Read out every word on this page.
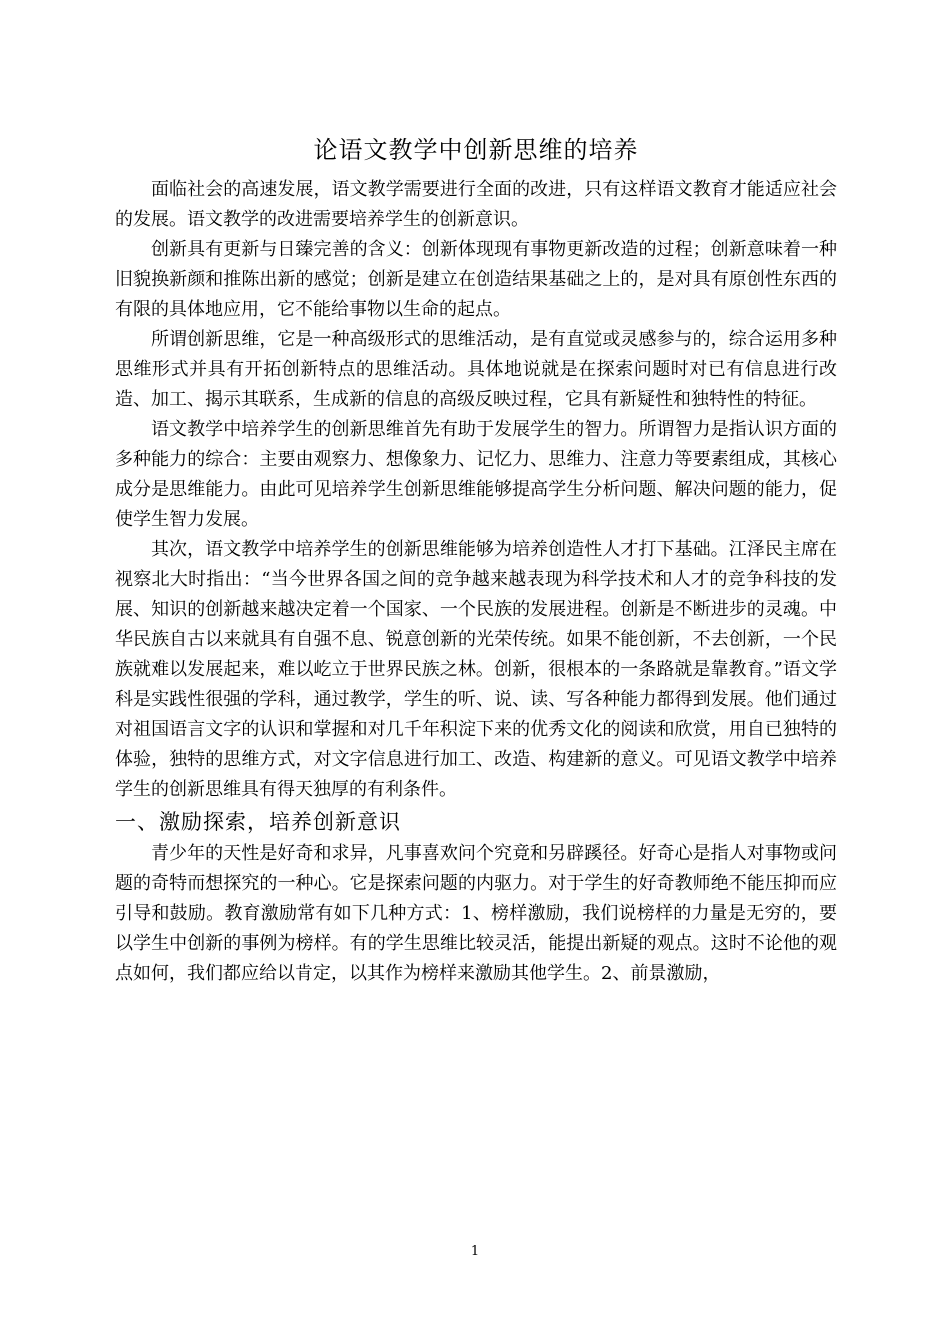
论语文教学中创新思维的培养

面临社会的高速发展，语文教学需要进行全面的改进，只有这样语文教育才能适应社会的发展。语文教学的改进需要培养学生的创新意识。

创新具有更新与日臻完善的含义：创新体现现有事物更新改造的过程；创新意味着一种旧貌换新颜和推陈出新的感觉；创新是建立在创造结果基础之上的，是对具有原创性东西的有限的具体地应用，它不能给事物以生命的起点。

所谓创新思维，它是一种高级形式的思维活动，是有直觉或灵感参与的，综合运用多种思维形式并具有开拓创新特点的思维活动。具体地说就是在探索问题时对已有信息进行改造、加工、揭示其联系，生成新的信息的高级反映过程，它具有新疑性和独特性的特征。

语文教学中培养学生的创新思维首先有助于发展学生的智力。所谓智力是指认识方面的多种能力的综合：主要由观察力、想像象力、记忆力、思维力、注意力等要素组成，其核心成分是思维能力。由此可见培养学生创新思维能够提高学生分析问题、解决问题的能力，促使学生智力发展。

其次，语文教学中培养学生的创新思维能够为培养创造性人才打下基础。江泽民主席在视察北大时指出：“当今世界各国之间的竞争越来越表现为科学技术和人才的竞争科技的发展、知识的创新越来越决定着一个国家、一个民族的发展进程。创新是不断进步的灵魂。中华民族自古以来就具有自强不息、锐意创新的光荣传统。如果不能创新，不去创新，一个民族就难以发展起来，难以屹立于世界民族之林。创新，很根本的一条路就是靠教育。”语文学科是实践性很强的学科，通过教学，学生的听、说、读、写各种能力都得到发展。他们通过对祖国语言文字的认识和掌握和对几千年积淀下来的优秀文化的阅读和欣赏，用自已独特的体验，独特的思维方式，对文字信息进行加工、改造、构建新的意义。可见语文教学中培养学生的创新思维具有得天独厚的有利条件。

一、激励探索，培养创新意识

青少年的天性是好奇和求异，凡事喜欢问个究竟和另辟蹊径。好奇心是指人对事物或问题的奇特而想探究的一种心。它是探索问题的内驱力。对于学生的好奇教师绝不能压抑而应引导和鼓励。教育激励常有如下几种方式：1、榜样激励，我们说榜样的力量是无穷的，要以学生中创新的事例为榜样。有的学生思维比较灵活，能提出新疑的观点。这时不论他的观点如何，我们都应给以肯定，以其作为榜样来激励其他学生。2、前景激励，

1
